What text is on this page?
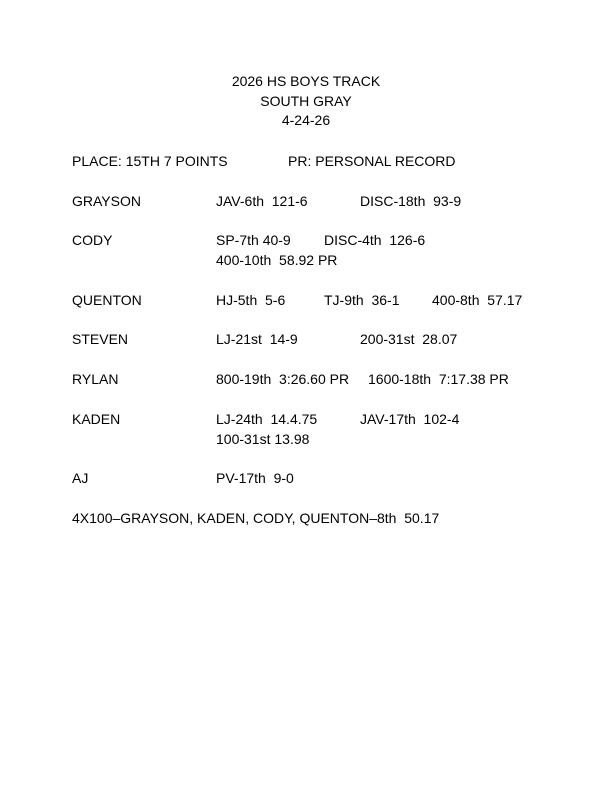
2026 HS BOYS TRACK
SOUTH GRAY
4-24-26
PLACE: 15TH 7 POINTS	PR: PERSONAL RECORD
GRAYSON	JAV-6th  121-6	DISC-18th  93-9
CODY	SP-7th 40-9 DISC-4th  126-6
400-10th  58.92 PR
QUENTON	HJ-5th  5-6	TJ-9th  36-1 400-8th  57.17
STEVEN	LJ-21st  14-9	200-31st  28.07
RYLAN	800-19th  3:26.60 PR 1600-18th  7:17.38 PR
KADEN	LJ-24th  14.4.75	JAV-17th  102-4
100-31st 13.98
AJ	PV-17th  9-0
4X100–GRAYSON, KADEN, CODY, QUENTON–8th  50.17
